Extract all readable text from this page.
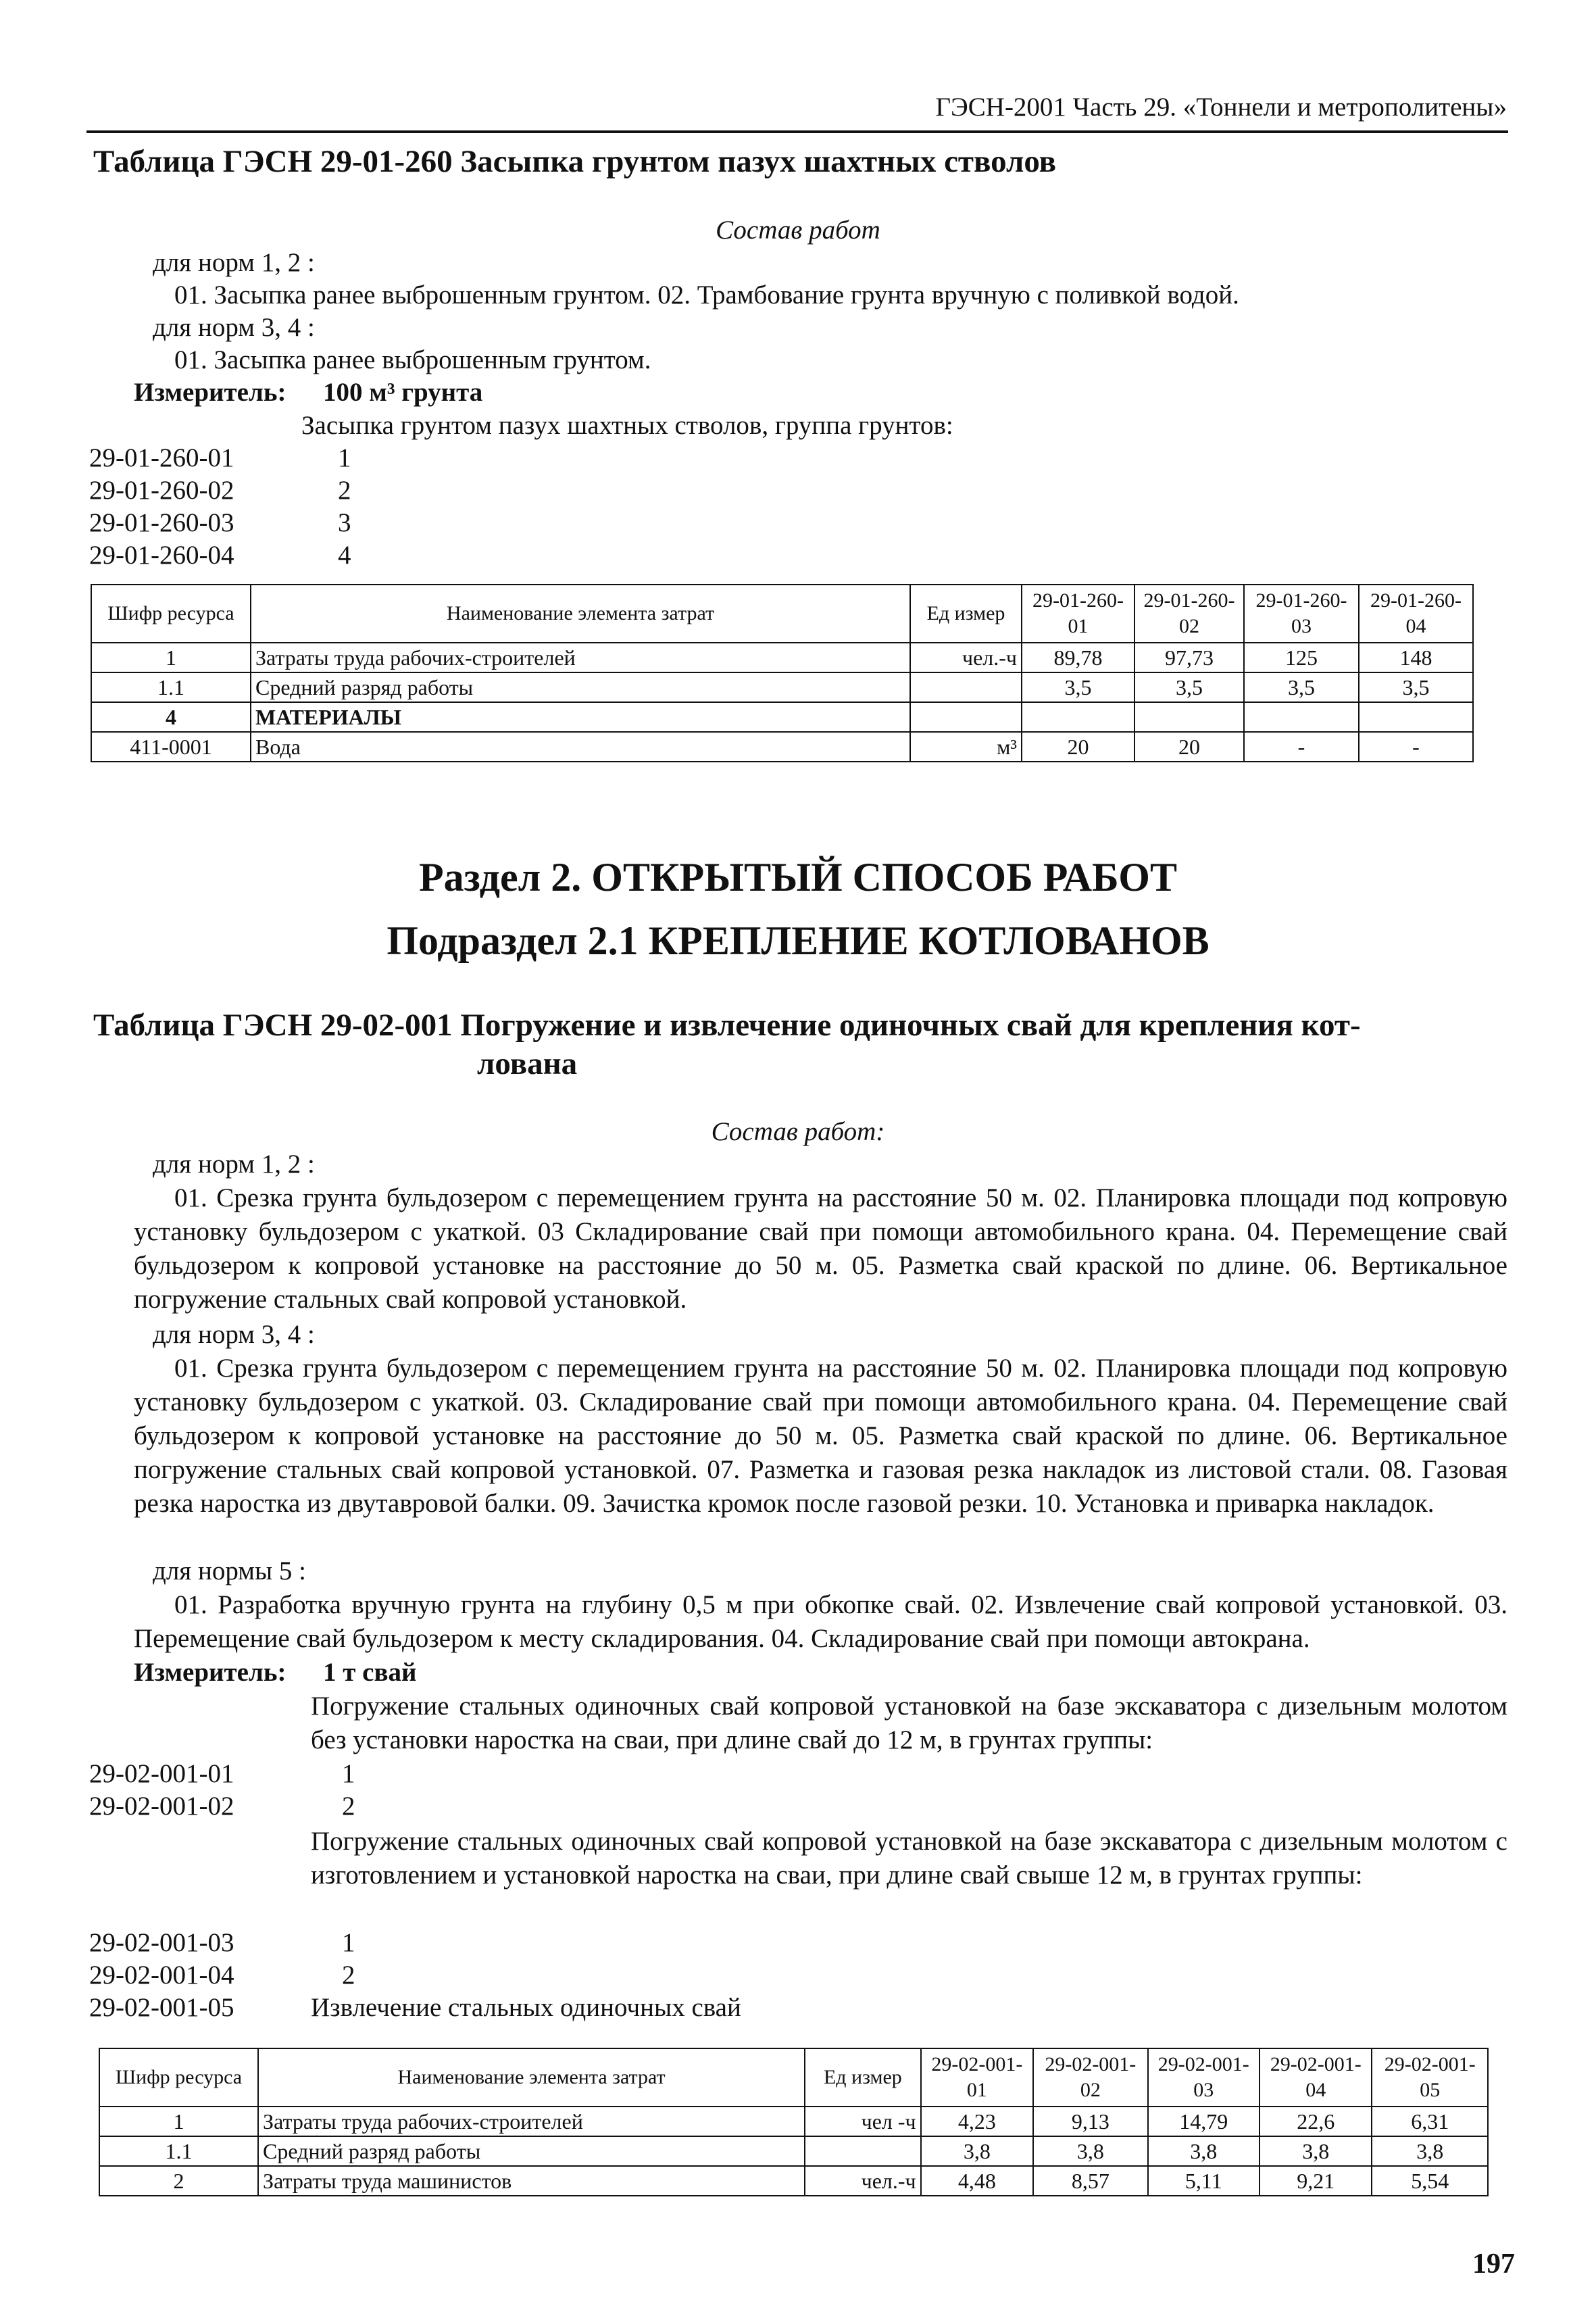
ГЭСН-2001 Часть 29. «Тоннели и метрополитены»
Таблица ГЭСН 29-01-260 Засыпка грунтом пазух шахтных стволов
Состав работ
для норм 1, 2 :
01. Засыпка ранее выброшенным грунтом. 02. Трамбование грунта вручную с поливкой водой.
для норм 3, 4 :
01. Засыпка ранее выброшенным грунтом.
Измеритель: 100 м³ грунта
Засыпка грунтом пазух шахтных стволов, группа грунтов:
29-01-260-01	1
29-01-260-02	2
29-01-260-03	3
29-01-260-04	4
Шифр ресурса	Наименование элемента затрат	Ед измер	29-01-260-01	29-01-260-02	29-01-260-03	29-01-260-04
1	Затраты труда рабочих-строителей	чел.-ч	89,78	97,73	125	148
1.1	Средний разряд работы		3,5	3,5	3,5	3,5
4	МАТЕРИАЛЫ					
411-0001	Вода	м³	20	20	-	-
Раздел 2. ОТКРЫТЫЙ СПОСОБ РАБОТ
Подраздел 2.1 КРЕПЛЕНИЕ КОТЛОВАНОВ
Таблица ГЭСН 29-02-001 Погружение и извлечение одиночных свай для крепления кот-
лована
Состав работ:
для норм 1, 2 :

01. Срезка грунта бульдозером с перемещением грунта на расстояние 50 м. 02. Планировка площади под копровую установку бульдозером с укаткой. 03 Складирование свай при помощи автомобильного крана. 04. Перемещение свай бульдозером к копровой установке на расстояние до 50 м. 05. Разметка свай краской по длине. 06. Вертикальное погружение стальных свай копровой установкой.

для норм 3, 4 :

01. Срезка грунта бульдозером с перемещением грунта на расстояние 50 м. 02. Планировка площади под копровую установку бульдозером с укаткой. 03. Складирование свай при помощи автомобильного крана. 04. Перемещение свай бульдозером к копровой установке на расстояние до 50 м. 05. Разметка свай краской по длине. 06. Вертикальное погружение стальных свай копровой установкой. 07. Разметка и газовая резка накладок из листовой стали. 08. Газовая резка наростка из двутавровой балки. 09. Зачистка кромок после газовой резки. 10. Установка и приварка накладок.

для нормы 5 :

01. Разработка вручную грунта на глубину 0,5 м при обкопке свай. 02. Извлечение свай копровой установкой. 03. Перемещение свай бульдозером к месту складирования. 04. Складирование свай при помощи автокрана.

Измеритель: 1 т свай

Погружение стальных одиночных свай копровой установкой на базе экскаватора с дизельным молотом без установки наростка на сваи, при длине свай до 12 м, в грунтах группы:

29-02-001-01	1
29-02-001-02	2

Погружение стальных одиночных свай копровой установкой на базе экскаватора с дизельным молотом с изготовлением и установкой наростка на сваи, при длине свай свыше 12 м, в грунтах группы:

29-02-001-03	1
29-02-001-04	2
29-02-001-05	Извлечение стальных одиночных свай
Шифр ресурса	Наименование элемента затрат	Ед измер	29-02-001-01	29-02-001-02	29-02-001-03	29-02-001-04	29-02-001-05
1	Затраты труда рабочих-строителей	чел -ч	4,23	9,13	14,79	22,6	6,31
1.1	Средний разряд работы		3,8	3,8	3,8	3,8	3,8
2	Затраты труда машинистов	чел.-ч	4,48	8,57	5,11	9,21	5,54
197
